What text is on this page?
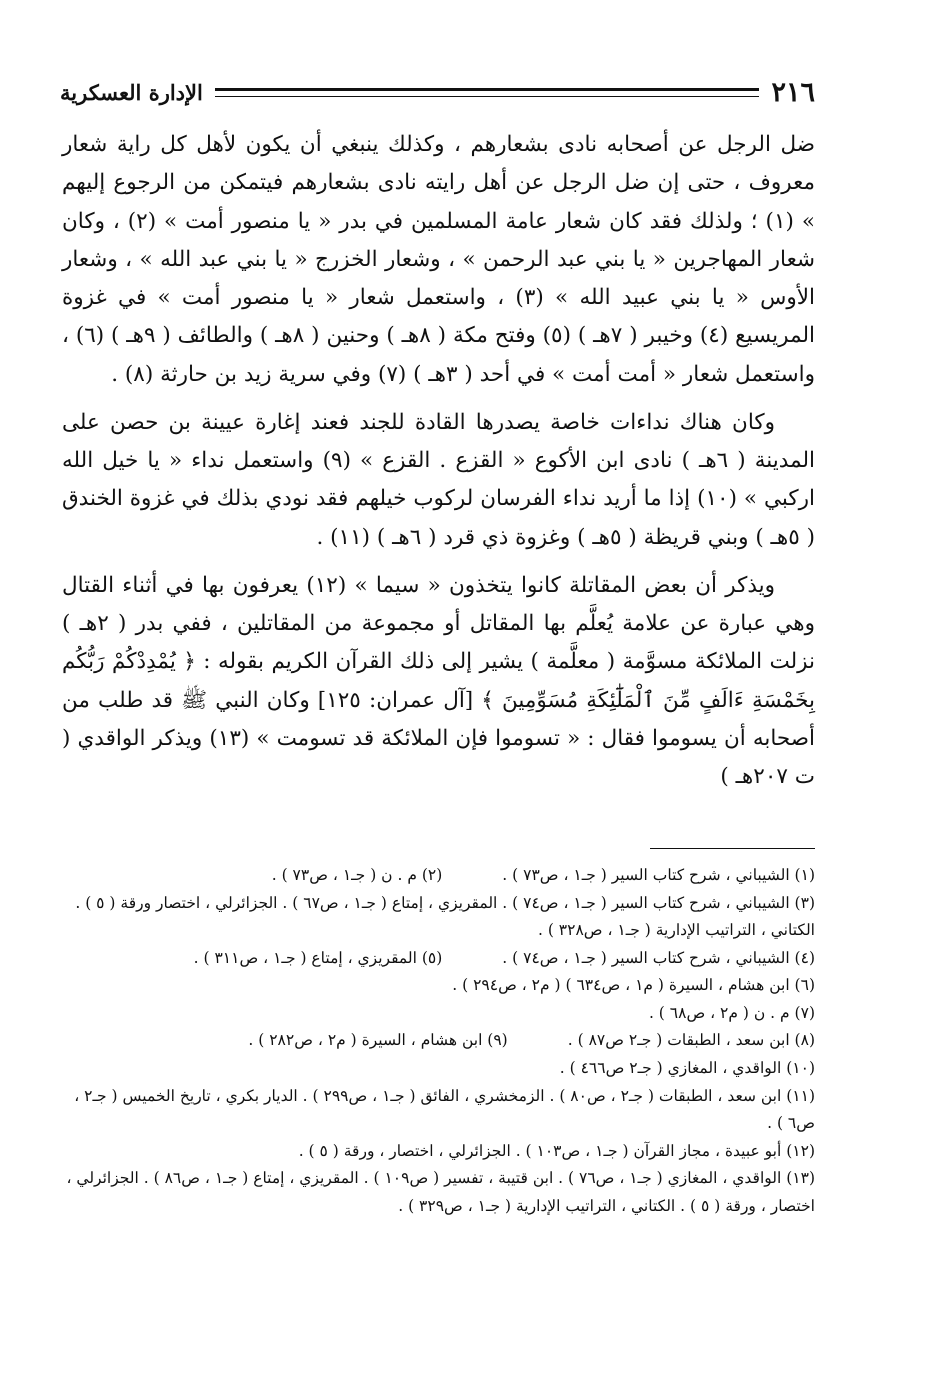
٢١٦
الإدارة العسكرية

ضل الرجل عن أصحابه نادى بشعارهم ، وكذلك ينبغي أن يكون لأهل كل راية شعار معروف ، حتى إن ضل الرجل عن أهل رايته نادى بشعارهم فيتمكن من الرجوع إليهم » (١) ؛ ولذلك فقد كان شعار عامة المسلمين في بدر « يا منصور أمت » (٢) ، وكان شعار المهاجرين « يا بني عبد الرحمن » ، وشعار الخزرج « يا بني عبد الله » ، وشعار الأوس « يا بني عبيد الله » (٣) ، واستعمل شعار « يا منصور أمت » في غزوة المريسيع (٤) وخيبر ( ٧هـ ) (٥) وفتح مكة ( ٨هـ ) وحنين ( ٨هـ ) والطائف ( ٩هـ ) (٦) ، واستعمل شعار « أمت أمت » في أحد ( ٣هـ ) (٧) وفي سرية زيد بن حارثة (٨) .

وكان هناك نداءات خاصة يصدرها القادة للجند فعند إغارة عيينة بن حصن على المدينة ( ٦هـ ) نادى ابن الأكوع « القزع . القزع » (٩) واستعمل نداء « يا خيل الله اركبي » (١٠) إذا ما أريد نداء الفرسان لركوب خيلهم فقد نودي بذلك في غزوة الخندق ( ٥هـ ) وبني قريظة ( ٥هـ ) وغزوة ذي قرد ( ٦هـ ) (١١) .

ويذكر أن بعض المقاتلة كانوا يتخذون « سيما » (١٢) يعرفون بها في أثناء القتال وهي عبارة عن علامة يُعلَّم بها المقاتل أو مجموعة من المقاتلين ، ففي بدر ( ٢هـ ) نزلت الملائكة مسوَّمة ( معلَّمة ) يشير إلى ذلك القرآن الكريم بقوله : ﴿ يُمْدِدْكُمْ رَبُّكُم بِخَمْسَةِ ءَالَفٍ مِّنَ ٱلْمَلَٰٓئِكَةِ مُسَوِّمِينَ ﴾ [آل عمران: ١٢٥] وكان النبي ﷺ قد طلب من أصحابه أن يسوموا فقال : « تسوموا فإن الملائكة قد تسومت » (١٣) ويذكر الواقدي ( ت ٢٠٧هـ )

(١) الشيباني ، شرح كتاب السير ( جـ١ ، ص٧٣ ) .

(٢) م . ن ( جـ١ ، ص٧٣ ) .

(٣) الشيباني ، شرح كتاب السير ( جـ١ ، ص٧٤ ) . المقريزي ، إمتاع ( جـ١ ، ص٦٧ ) . الجزائرلي ، اختصار ورقة ( ٥ ) . الكتاني ، التراتيب الإدارية ( جـ١ ، ص٣٢٨ ) .

(٤) الشيباني ، شرح كتاب السير ( جـ١ ، ص٧٤ ) .

(٥) المقريزي ، إمتاع ( جـ١ ، ص٣١١ ) .

(٦) ابن هشام ، السيرة ( م١ ، ص٦٣٤ ) ( م٢ ، ص٢٩٤ ) .

(٧) م . ن ( م٢ ، ص٦٨ ) .

(٨) ابن سعد ، الطبقات ( جـ٢ ص٨٧ ) .

(٩) ابن هشام ، السيرة ( م٢ ، ص٢٨٢ ) .

(١٠) الواقدي ، المغازي ( جـ٢ ص٤٦٦ ) .

(١١) ابن سعد ، الطبقات ( جـ٢ ، ص٨٠ ) . الزمخشري ، الفائق ( جـ١ ، ص٢٩٩ ) . الديار بكري ، تاريخ الخميس ( جـ٢ ، ص٦ ) .

(١٢) أبو عبيدة ، مجاز القرآن ( جـ١ ، ص١٠٣ ) . الجزائرلي ، اختصار ، ورقة ( ٥ ) .

(١٣) الواقدي ، المغازي ( جـ١ ، ص٧٦ ) . ابن قتيبة ، تفسير ( ص١٠٩ ) . المقريزي ، إمتاع ( جـ١ ، ص٨٦ ) . الجزائرلي ، اختصار ، ورقة ( ٥ ) . الكتاني ، التراتيب الإدارية ( جـ١ ، ص٣٢٩ ) .
